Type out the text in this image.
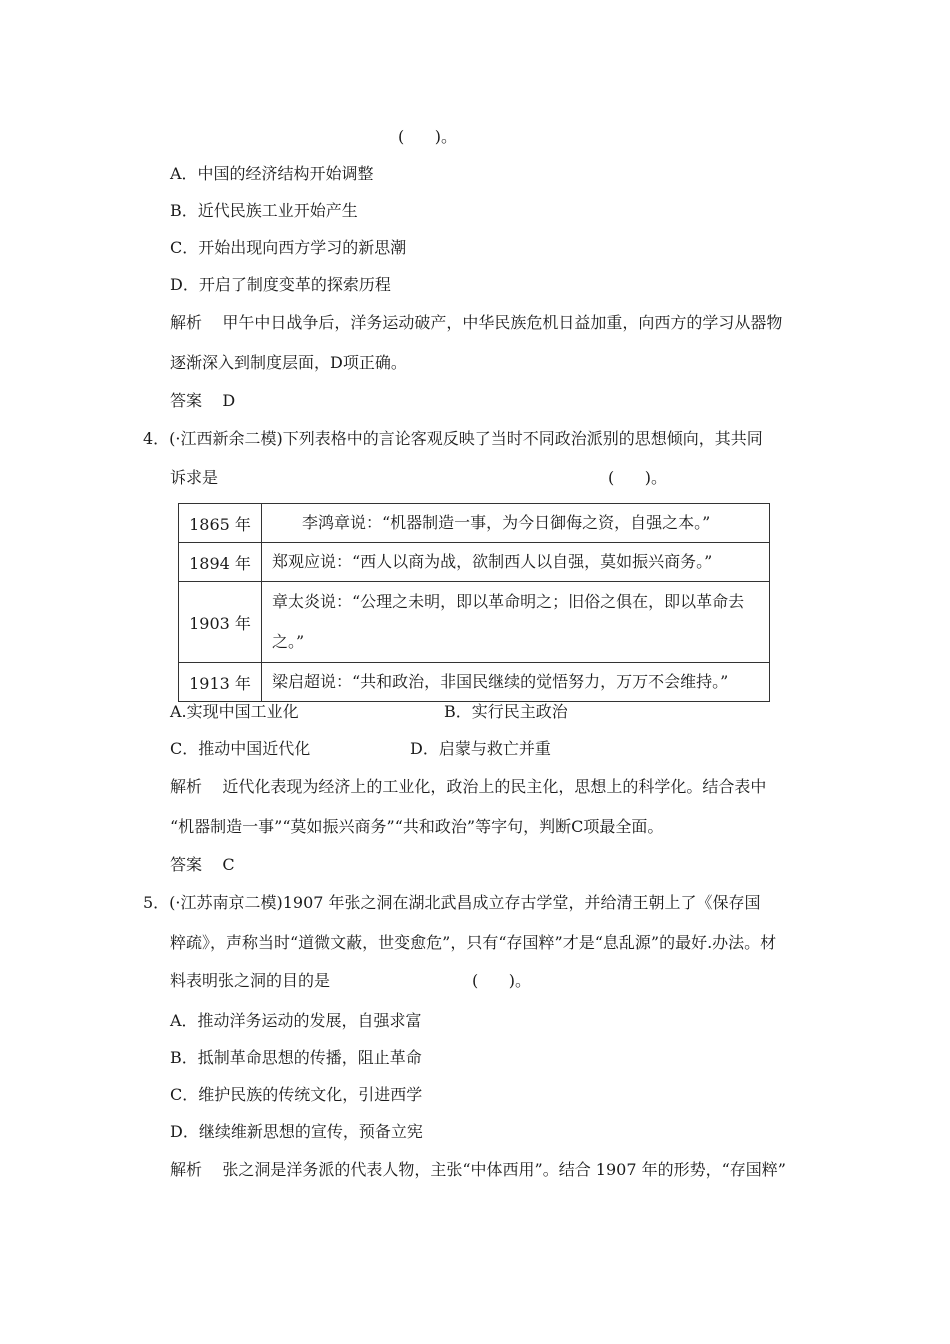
(      )。
A．中国的经济结构开始调整
B．近代民族工业开始产生
C．开始出现向西方学习的新思潮
D．开启了制度变革的探索历程
解析    甲午中日战争后，洋务运动破产，中华民族危机日益加重，向西方的学习从器物
逐渐深入到制度层面，D项正确。
答案    D
4．(·江西新余二模)下列表格中的言论客观反映了当时不同政治派别的思想倾向，其共同
诉求是	(      )。
1865 年	李鸿章说：“机器制造一事，为今日御侮之资，自强之本。”
1894 年	郑观应说：“西人以商为战，欲制西人以自强，莫如振兴商务。”
1903 年	章太炎说：“公理之未明，即以革命明之；旧俗之俱在，即以革命去之。”
1913 年	梁启超说：“共和政治，非国民继续的觉悟努力，万万不会维持。”
A.实现中国工业化	B．实行民主政治
C．推动中国近代化	D．启蒙与救亡并重
解析    近代化表现为经济上的工业化，政治上的民主化，思想上的科学化。结合表中
“机器制造一事”“莫如振兴商务”“共和政治”等字句，判断C项最全面。
答案    C
5．(·江苏南京二模)1907 年张之洞在湖北武昌成立存古学堂，并给清王朝上了《保存国
粹疏》，声称当时“道微文蔽，世变愈危”，只有“存国粹”才是“息乱源”的最好.办法。材
料表明张之洞的目的是	(      )。
A．推动洋务运动的发展，自强求富
B．抵制革命思想的传播，阻止革命
C．维护民族的传统文化，引进西学
D．继续维新思想的宣传，预备立宪
解析    张之洞是洋务派的代表人物，主张“中体西用”。结合 1907 年的形势，“存国粹”
